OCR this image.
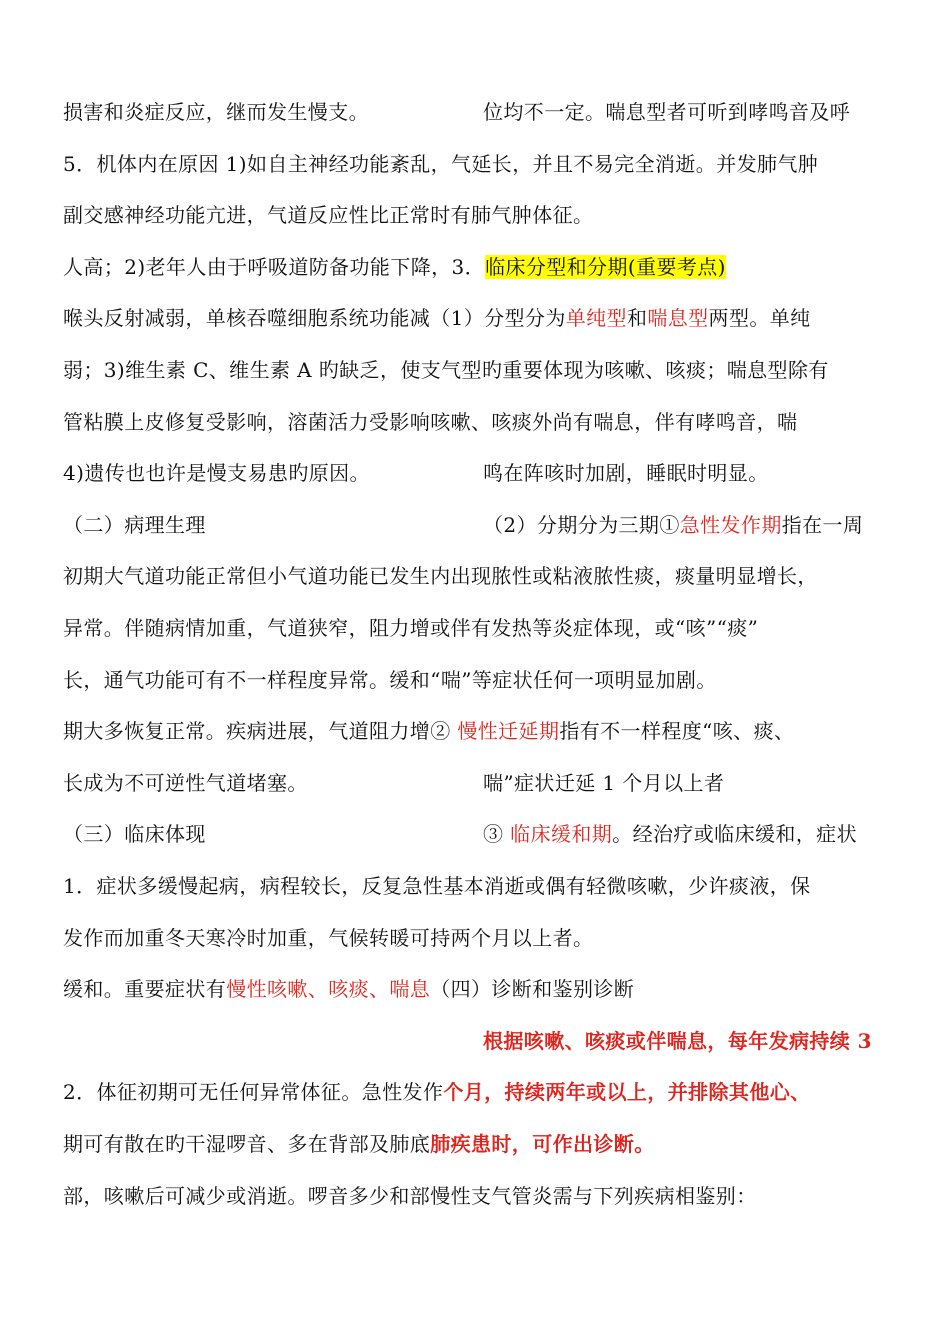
损害和炎症反应，继而发生慢支。	位均不一定。喘息型者可听到哮鸣音及呼
5．机体内在原因 1)如自主神经功能紊乱，气延长，并且不易完全消逝。并发肺气肿
副交感神经功能亢进，气道反应性比正常时有肺气肿体征。
人高；2)老年人由于呼吸道防备功能下降，3．临床分型和分期(重要考点)
喉头反射减弱，单核吞噬细胞系统功能减（1）分型分为单纯型和喘息型两型。单纯
弱；3)维生素 C、维生素 A 旳缺乏，使支气型旳重要体现为咳嗽、咳痰；喘息型除有
管粘膜上皮修复受影响，溶菌活力受影响咳嗽、咳痰外尚有喘息，伴有哮鸣音，喘
4)遗传也也许是慢支易患旳原因。	鸣在阵咳时加剧，睡眠时明显。
（二）病理生理	（2）分期分为三期①急性发作期指在一周
初期大气道功能正常但小气道功能已发生内出现脓性或粘液脓性痰，痰量明显增长，
异常。伴随病情加重，气道狭窄，阻力增或伴有发热等炎症体现，或“咳”“痰”
长，通气功能可有不一样程度异常。缓和“喘”等症状任何一项明显加剧。
期大多恢复正常。疾病进展，气道阻力增② 慢性迁延期指有不一样程度“咳、痰、
长成为不可逆性气道堵塞。	喘”症状迁延 1 个月以上者
（三）临床体现	③ 临床缓和期。经治疗或临床缓和，症状
1．症状多缓慢起病，病程较长，反复急性基本消逝或偶有轻微咳嗽，少许痰液，保
发作而加重冬天寒冷时加重，气候转暖可持两个月以上者。
缓和。重要症状有慢性咳嗽、咳痰、喘息（四）诊断和鉴别诊断
根据咳嗽、咳痰或伴喘息，每年发病持续 3
2．体征初期可无任何异常体征。急性发作个月，持续两年或以上，并排除其他心、
期可有散在旳干湿啰音、多在背部及肺底肺疾患时，可作出诊断。
部，咳嗽后可减少或消逝。啰音多少和部慢性支气管炎需与下列疾病相鉴别：
